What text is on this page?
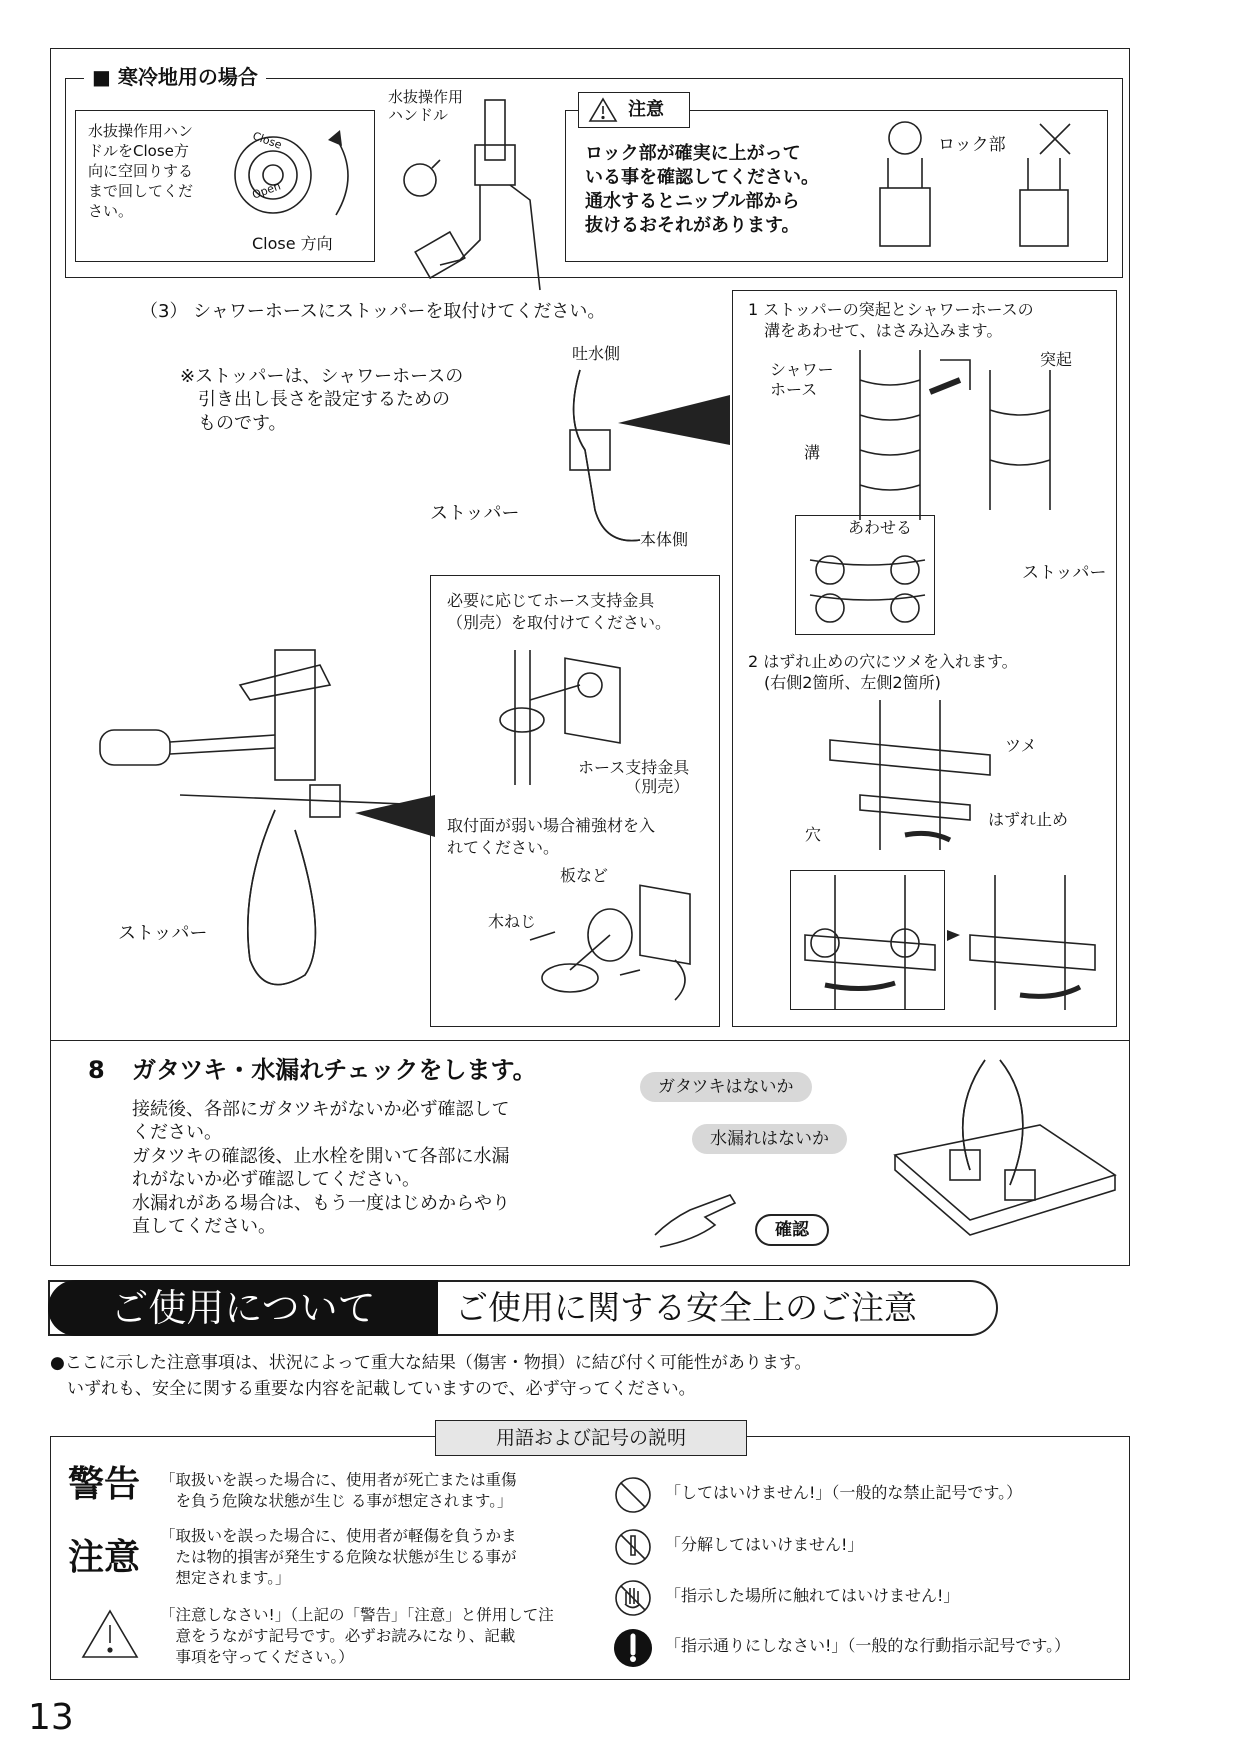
■ 寒冷地用の場合
水抜操作用ハン
ドルをClose方
向に空回りする
まで回してくだ
さい。
Close
Open
Close 方向
水抜操作用
ハンドル	注意
ロック部が確実に上がって
いる事を確認してください。
通水するとニップル部から
抜けるおそれがあります。
ロック部
（3） シャワーホースにストッパーを取付けてください。
※ストッパーは、シャワーホースの
　引き出し長さを設定するための
　ものです。
吐水側
ストッパー
本体側
ストッパー
必要に応じてホース支持金具
（別売）を取付けてください。
ホース支持金具
（別売）
取付面が弱い場合補強材を入
れてください。
板など
木ねじ
1 ストッパーの突起とシャワーホースの
　溝をあわせて、はさみ込みます。
突起
シャワー
ホース
溝
あわせる
ストッパー
2 はずれ止めの穴にツメを入れます。
　(右側2箇所、左側2箇所)
ツメ
はずれ止め
穴
8 ガタツキ・水漏れチェックをします。
接続後、各部にガタツキがないか必ず確認して
ください。
ガタツキの確認後、止水栓を開いて各部に水漏
れがないか必ず確認してください。
水漏れがある場合は、もう一度はじめからやり
直してください。
ガタツキはないか
水漏れはないか
確認
ご使用について	ご使用に関する安全上のご注意
●ここに示した注意事項は、状況によって重大な結果（傷害・物損）に結び付く可能性があります。
　いずれも、安全に関する重要な内容を記載していますので、必ず守ってください。
用語および記号の説明
警告 「取扱いを誤った場合に、使用者が死亡または重傷
　を負う危険な状態が生じ る事が想定されます。」
注意
「取扱いを誤った場合に、使用者が軽傷を負うかま
　たは物的損害が発生する危険な状態が生じる事が
　想定されます。」
「注意しなさい!」（上記の「警告」「注意」と併用して注
　意をうながす記号です。必ずお読みになり、記載
　事項を守ってください。）
「してはいけません!」（一般的な禁止記号です。）
「分解してはいけません!」
「指示した場所に触れてはいけません!」
「指示通りにしなさい!」（一般的な行動指示記号です。）
13
